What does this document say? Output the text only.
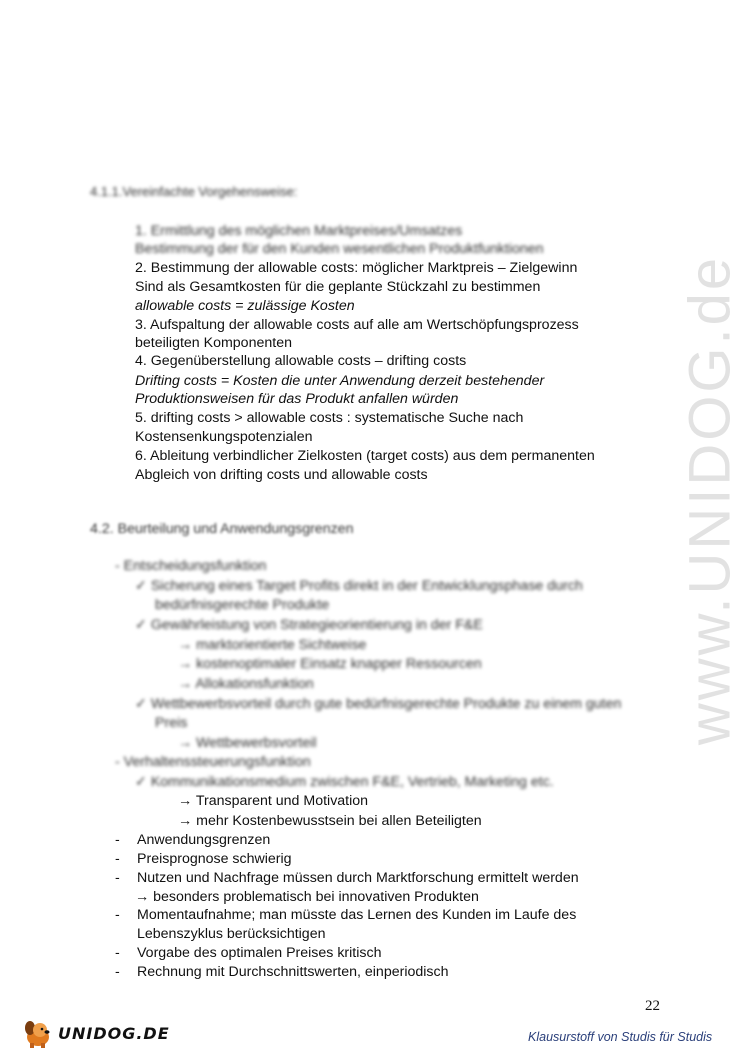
www.UNIDOG.de
4.1.1.Vereinfachte Vorgehensweise:
1. Ermittlung des möglichen Marktpreises/Umsatzes
Bestimmung der für den Kunden wesentlichen Produktfunktionen
2. Bestimmung der allowable costs: möglicher Marktpreis – Zielgewinn
Sind als Gesamtkosten für die geplante Stückzahl zu bestimmen
allowable costs = zulässige Kosten
3. Aufspaltung der allowable costs auf alle am Wertschöpfungsprozess
beteiligten Komponenten
4. Gegenüberstellung allowable costs – drifting costs
Drifting costs = Kosten die unter Anwendung derzeit bestehender
Produktionsweisen für das Produkt anfallen würden
5. drifting costs > allowable costs : systematische Suche nach
Kostensenkungspotenzialen
6. Ableitung verbindlicher Zielkosten (target costs) aus dem permanenten
Abgleich von drifting costs und allowable costs
4.2. Beurteilung und Anwendungsgrenzen
- Entscheidungsfunktion
✓ Sicherung eines Target Profits direkt in der Entwicklungsphase durch
bedürfnisgerechte Produkte
✓ Gewährleistung von Strategieorientierung in der F&E
→ marktorientierte Sichtweise
→ kostenoptimaler Einsatz knapper Ressourcen
→ Allokationsfunktion
✓ Wettbewerbsvorteil durch gute bedürfnisgerechte Produkte zu einem guten
Preis
→ Wettbewerbsvorteil
- Verhaltenssteuerungsfunktion
✓ Kommunikationsmedium zwischen F&E, Vertrieb, Marketing etc.
→ Transparent und Motivation
→ mehr Kostenbewusstsein bei allen Beteiligten
- Anwendungsgrenzen
- Preisprognose schwierig
- Nutzen und Nachfrage müssen durch Marktforschung ermittelt werden
→ besonders problematisch bei innovativen Produkten
- Momentaufnahme; man müsste das Lernen des Kunden im Laufe des
Lebenszyklus berücksichtigen
- Vorgabe des optimalen Preises kritisch
- Rechnung mit Durchschnittswerten, einperiodisch
22
UNIDOG.DE	Klausurstoff von Studis für Studis
